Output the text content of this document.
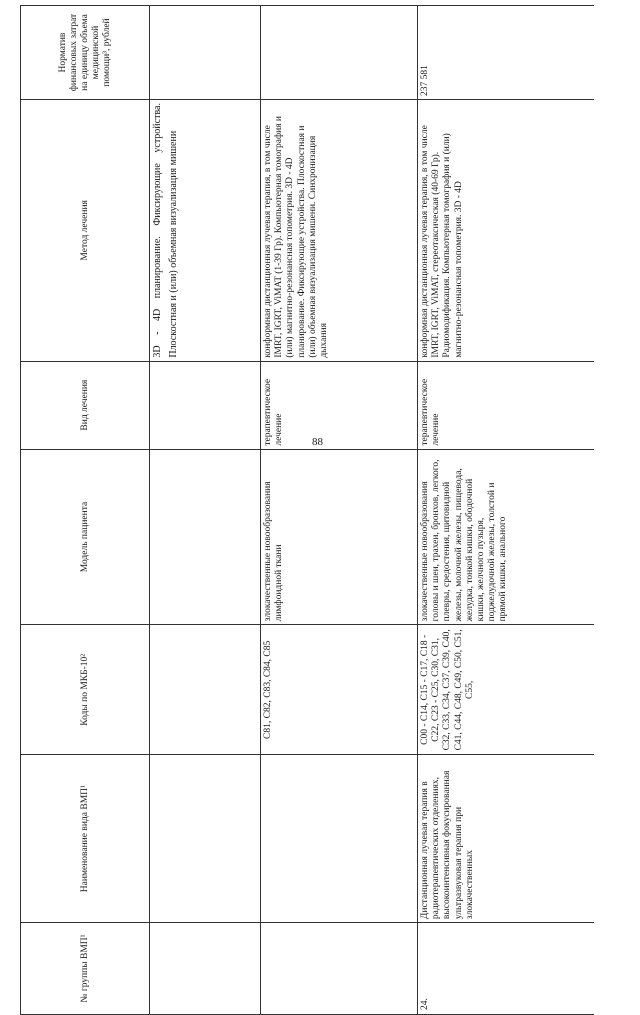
88
№ группы ВМП¹	Наименование вида ВМП¹	Коды по МКБ-10²	Модель пациента	Вид лечения	Метод лечения	Норматив финансовых затрат на единицу объема медицинской помощи³, рублей
					3D - 4D планирование. Фиксирующие устройства. Плоскостная и (или) объемная визуализация мишени	
		C81, C82, C83, C84, C85	злокачественные новообразования лимфоидной ткани	терапевтическое лечение	конформная дистанционная лучевая терапия, в том числе IMRT, IGRT, ViMAT (1-39 Гр). Компьютерная томография и (или) магнитно-резонансная топометрия. 3D - 4D планирование. Фиксирующие устройства. Плоскостная и (или) объемная визуализация мишени. Синхронизация дыхания	
24.	Дистанционная лучевая терапия в радиотерапевтических отделениях, высокоинтенсивная фокусированная ультразвуковая терапия при злокачественных	C00 - C14, C15 - C17, C18 - C22, C23 - C25, C30, C31, C32, C33, C34, C37, C39, C40, C41, C44, C48, C49, C50, C51, C55,	злокачественные новообразования головы и шеи, трахеи, бронхов, легкого, плевры, средостения, щитовидной железы, молочной железы, пищевода, желудка, тонкой кишки, ободочной кишки, желчного пузыря, поджелудочной железы, толстой и прямой кишки, анального	терапевтическое лечение	конформная дистанционная лучевая терапия, в том числе IMRT, IGRT, ViMAT, стереотаксическая (40-69 Гр). Радиомодификация. Компьютерная томография и (или) магнитно-резонансная топометрия. 3D - 4D	237 581
